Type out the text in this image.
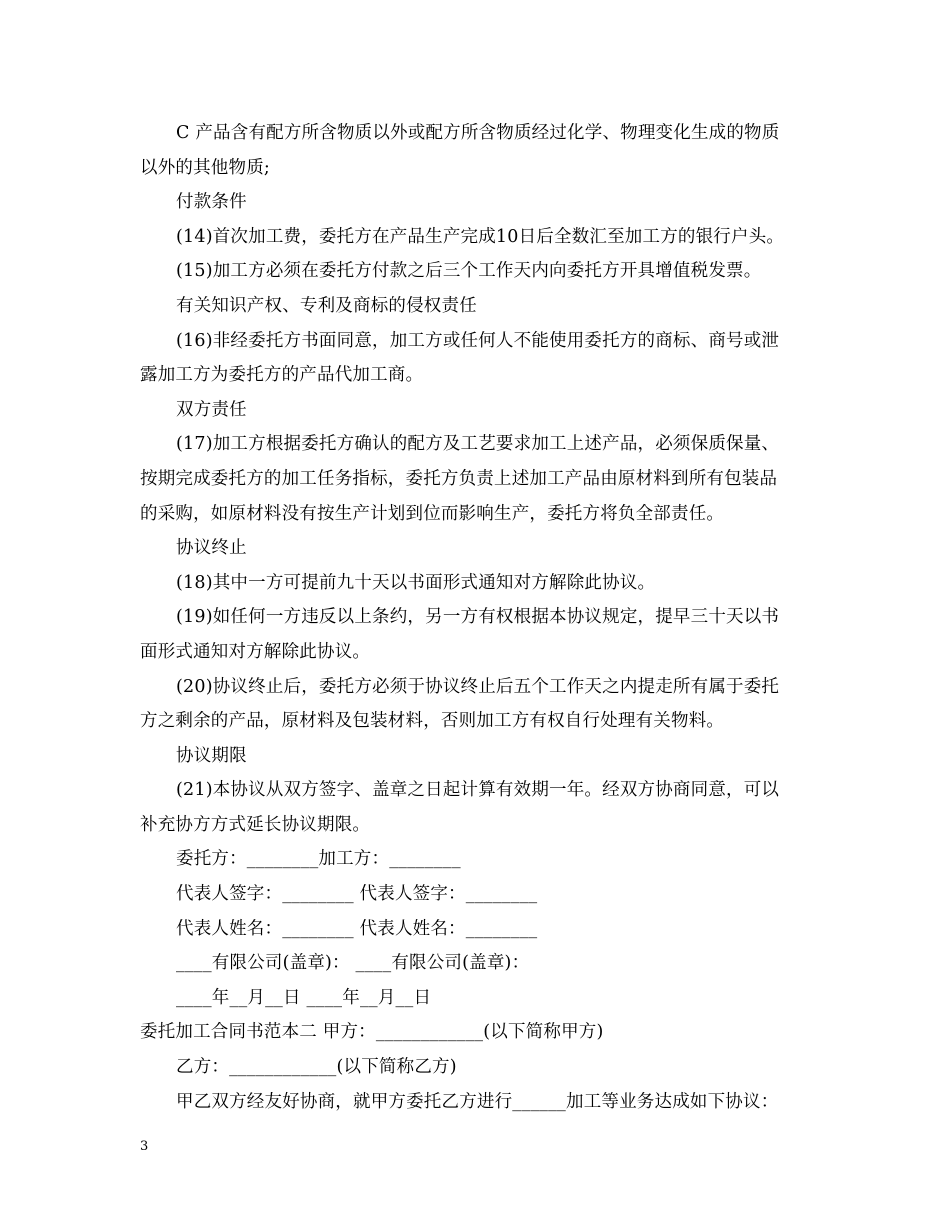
C 产品含有配方所含物质以外或配方所含物质经过化学、物理变化生成的物质
以外的其他物质;
付款条件
(14)首次加工费，委托方在产品生产完成10日后全数汇至加工方的银行户头。
(15)加工方必须在委托方付款之后三个工作天内向委托方开具增值税发票。
有关知识产权、专利及商标的侵权责任
(16)非经委托方书面同意，加工方或任何人不能使用委托方的商标、商号或泄
露加工方为委托方的产品代加工商。
双方责任
(17)加工方根据委托方确认的配方及工艺要求加工上述产品，必须保质保量、
按期完成委托方的加工任务指标，委托方负责上述加工产品由原材料到所有包装品
的采购，如原材料没有按生产计划到位而影响生产，委托方将负全部责任。
协议终止
(18)其中一方可提前九十天以书面形式通知对方解除此协议。
(19)如任何一方违反以上条约，另一方有权根据本协议规定，提早三十天以书
面形式通知对方解除此协议。
(20)协议终止后，委托方必须于协议终止后五个工作天之内提走所有属于委托
方之剩余的产品，原材料及包装材料，否则加工方有权自行处理有关物料。
协议期限
(21)本协议从双方签字、盖章之日起计算有效期一年。经双方协商同意，可以
补充协方方式延长协议期限。
委托方：________加工方：________
代表人签字：________ 代表人签字：________
代表人姓名：________ 代表人姓名：________
____有限公司(盖章)： ____有限公司(盖章)：
____年__月__日 ____年__月__日
委托加工合同书范本二 甲方：____________(以下简称甲方)
乙方：____________(以下简称乙方)
甲乙双方经友好协商，就甲方委托乙方进行______加工等业务达成如下协议：
3
